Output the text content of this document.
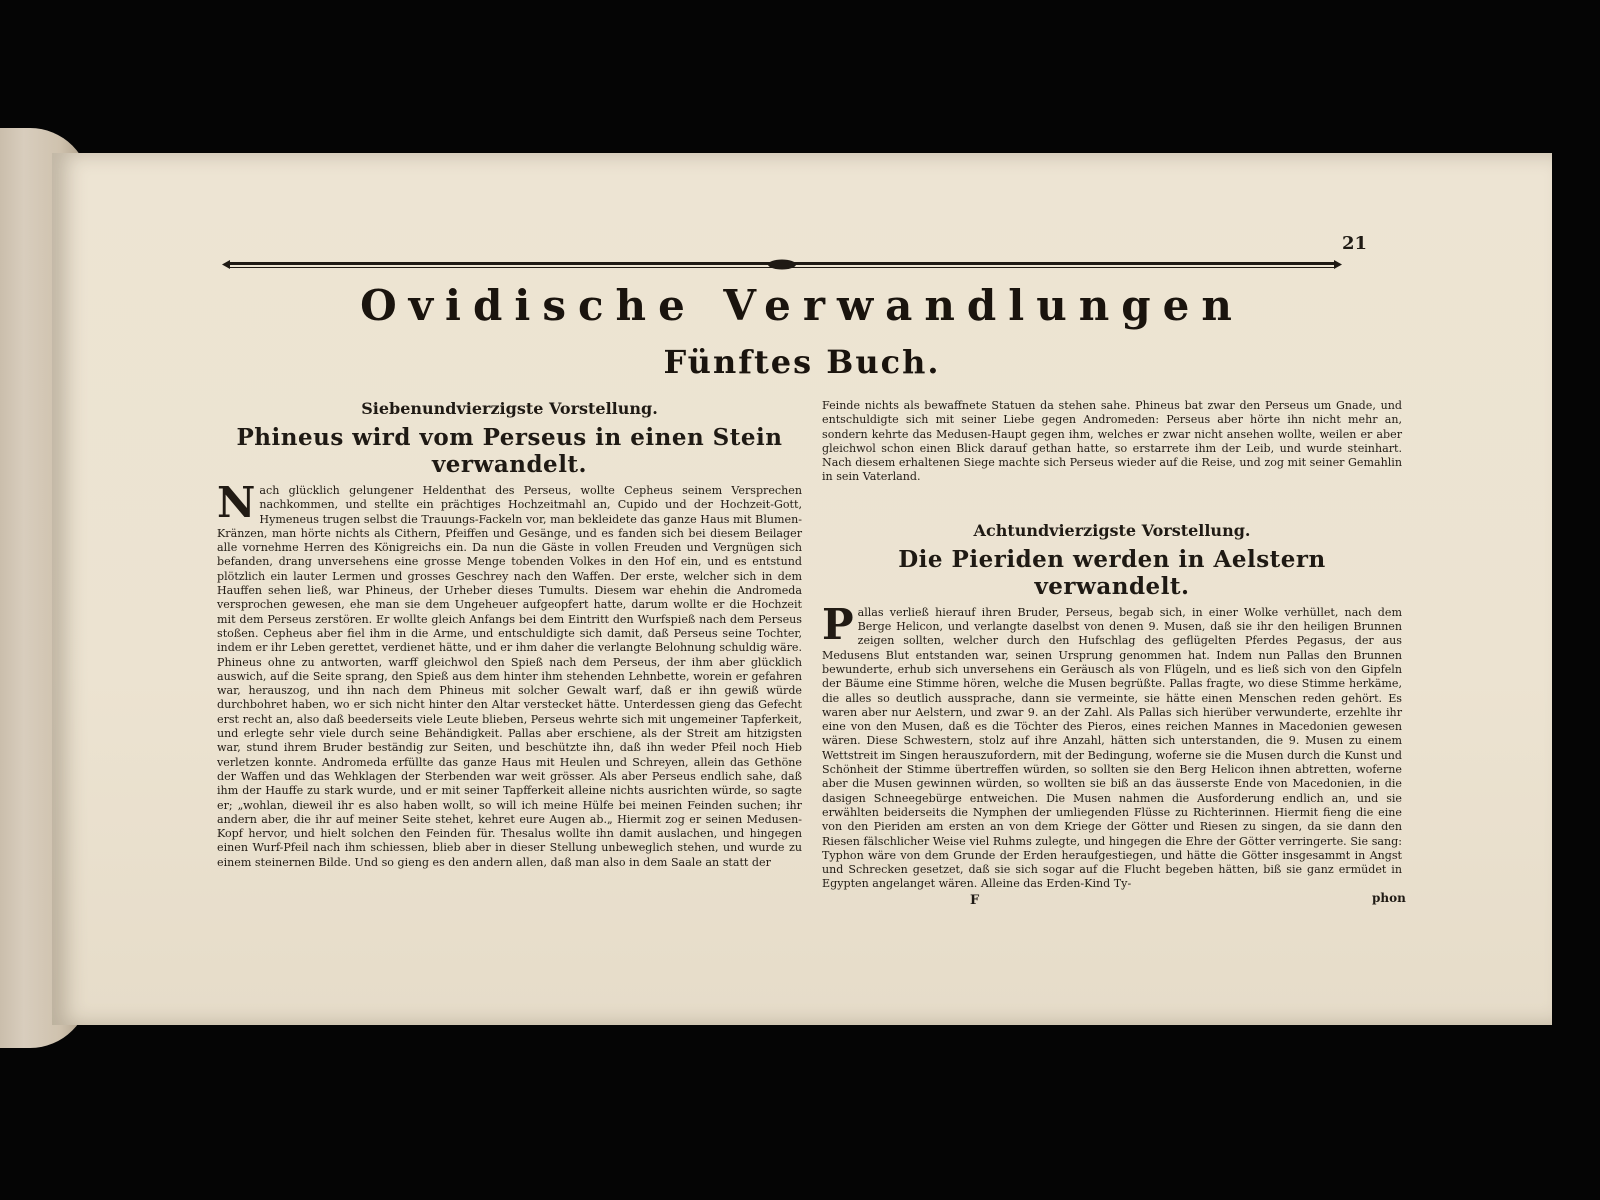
21
Ovidische Verwandlungen
Fünftes Buch.
Siebenundvierzigste Vorstellung.
Phineus wird vom Perseus in einen Stein verwandelt.

Nach glücklich gelungener Heldenthat des Perseus, wollte Cepheus seinem Versprechen nachkommen, und stellte ein prächtiges Hochzeitmahl an, Cupido und der Hochzeit-Gott, Hymeneus trugen selbst die Trauungs-Fackeln vor, man bekleidete das ganze Haus mit Blumen-Kränzen, man hörte nichts als Cithern, Pfeiffen und Gesänge, und es fanden sich bei diesem Beilager alle vornehme Herren des Königreichs ein. Da nun die Gäste in vollen Freuden und Vergnügen sich befanden, drang unversehens eine grosse Menge tobenden Volkes in den Hof ein, und es entstund plötzlich ein lauter Lermen und grosses Geschrey nach den Waffen. Der erste, welcher sich in dem Hauffen sehen ließ, war Phineus, der Urheber dieses Tumults. Diesem war ehehin die Andromeda versprochen gewesen, ehe man sie dem Ungeheuer aufgeopfert hatte, darum wollte er die Hochzeit mit dem Perseus zerstören. Er wollte gleich Anfangs bei dem Eintritt den Wurfspieß nach dem Perseus stoßen. Cepheus aber fiel ihm in die Arme, und entschuldigte sich damit, daß Perseus seine Tochter, indem er ihr Leben gerettet, verdienet hätte, und er ihm daher die verlangte Belohnung schuldig wäre. Phineus ohne zu antworten, warff gleichwol den Spieß nach dem Perseus, der ihm aber glücklich auswich, auf die Seite sprang, den Spieß aus dem hinter ihm stehenden Lehnbette, worein er gefahren war, herauszog, und ihn nach dem Phineus mit solcher Gewalt warf, daß er ihn gewiß würde durchbohret haben, wo er sich nicht hinter den Altar verstecket hätte. Unterdessen gieng das Gefecht erst recht an, also daß beederseits viele Leute blieben, Perseus wehrte sich mit ungemeiner Tapferkeit, und erlegte sehr viele durch seine Behändigkeit. Pallas aber erschiene, als der Streit am hitzigsten war, stund ihrem Bruder beständig zur Seiten, und beschützte ihn, daß ihn weder Pfeil noch Hieb verletzen konnte. Andromeda erfüllte das ganze Haus mit Heulen und Schreyen, allein das Gethöne der Waffen und das Wehklagen der Sterbenden war weit grösser. Als aber Perseus endlich sahe, daß ihm der Hauffe zu stark wurde, und er mit seiner Tapfferkeit alleine nichts ausrichten würde, so sagte er; „wohlan, dieweil ihr es also haben wollt, so will ich meine Hülfe bei meinen Feinden suchen; ihr andern aber, die ihr auf meiner Seite stehet, kehret eure Augen ab.„ Hiermit zog er seinen Medusen-Kopf hervor, und hielt solchen den Feinden für. Thesalus wollte ihn damit auslachen, und hingegen einen Wurf-Pfeil nach ihm schiessen, blieb aber in dieser Stellung unbeweglich stehen, und wurde zu einem steinernen Bilde. Und so gieng es den andern allen, daß man also in dem Saale an statt der

Feinde nichts als bewaffnete Statuen da stehen sahe. Phineus bat zwar den Perseus um Gnade, und entschuldigte sich mit seiner Liebe gegen Andromeden: Perseus aber hörte ihn nicht mehr an, sondern kehrte das Medusen-Haupt gegen ihm, welches er zwar nicht ansehen wollte, weilen er aber gleichwol schon einen Blick darauf gethan hatte, so erstarrete ihm der Leib, und wurde steinhart. Nach diesem erhaltenen Siege machte sich Perseus wieder auf die Reise, und zog mit seiner Gemahlin in sein Vaterland.

Achtundvierzigste Vorstellung.
Die Pieriden werden in Aelstern verwandelt.

Pallas verließ hierauf ihren Bruder, Perseus, begab sich, in einer Wolke verhüllet, nach dem Berge Helicon, und verlangte daselbst von denen 9. Musen, daß sie ihr den heiligen Brunnen zeigen sollten, welcher durch den Hufschlag des geflügelten Pferdes Pegasus, der aus Medusens Blut entstanden war, seinen Ursprung genommen hat. Indem nun Pallas den Brunnen bewunderte, erhub sich unversehens ein Geräusch als von Flügeln, und es ließ sich von den Gipfeln der Bäume eine Stimme hören, welche die Musen begrüßte. Pallas fragte, wo diese Stimme herkäme, die alles so deutlich aussprache, dann sie vermeinte, sie hätte einen Menschen reden gehört. Es waren aber nur Aelstern, und zwar 9. an der Zahl. Als Pallas sich hierüber verwunderte, erzehlte ihr eine von den Musen, daß es die Töchter des Pieros, eines reichen Mannes in Macedonien gewesen wären. Diese Schwestern, stolz auf ihre Anzahl, hätten sich unterstanden, die 9. Musen zu einem Wettstreit im Singen herauszufordern, mit der Bedingung, woferne sie die Musen durch die Kunst und Schönheit der Stimme übertreffen würden, so sollten sie den Berg Helicon ihnen abtretten, woferne aber die Musen gewinnen würden, so wollten sie biß an das äusserste Ende von Macedonien, in die dasigen Schneegebürge entweichen. Die Musen nahmen die Ausforderung endlich an, und sie erwählten beiderseits die Nymphen der umliegenden Flüsse zu Richterinnen. Hiermit fieng die eine von den Pieriden am ersten an von dem Kriege der Götter und Riesen zu singen, da sie dann den Riesen fälschlicher Weise viel Ruhms zulegte, und hingegen die Ehre der Götter verringerte. Sie sang: Typhon wäre von dem Grunde der Erden heraufgestiegen, und hätte die Götter insgesammt in Angst und Schrecken gesetzet, daß sie sich sogar auf die Flucht begeben hätten, biß sie ganz ermüdet in Egypten angelanget wären. Alleine das Erden-Kind Ty-

F	phon
